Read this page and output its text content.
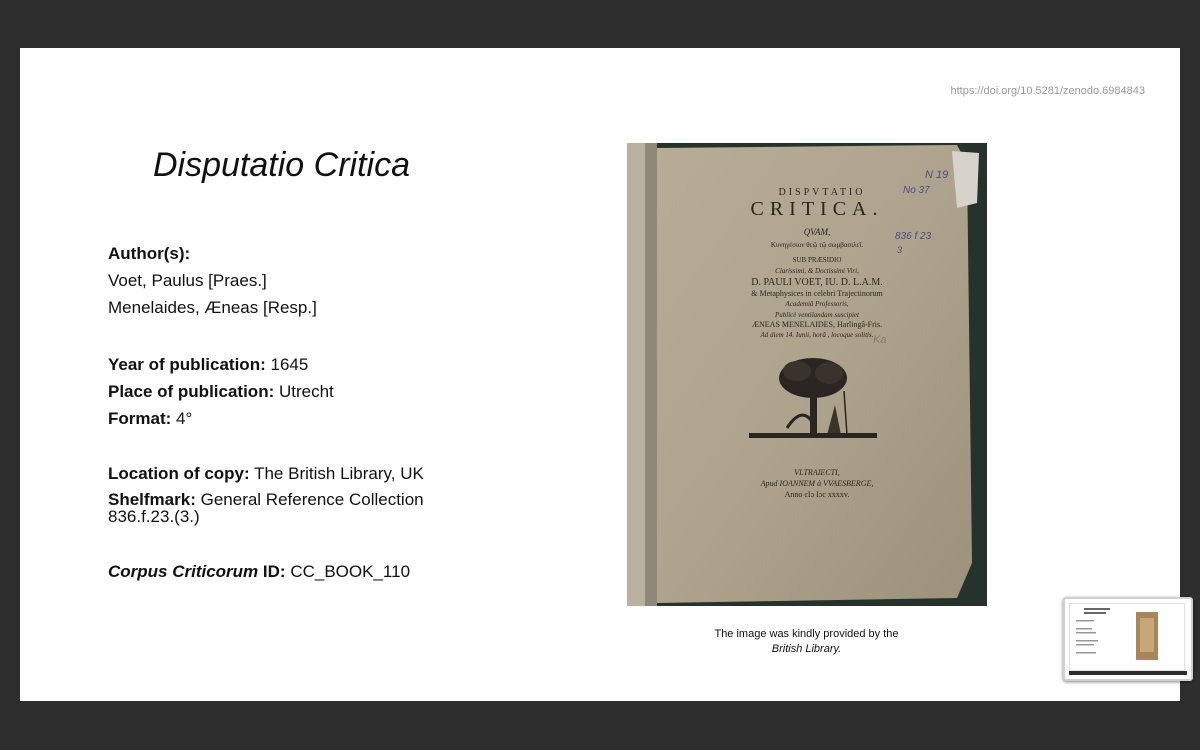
https://doi.org/10.5281/zenodo.6984843
Disputatio Critica
Author(s):
Voet, Paulus [Praes.]
Menelaides, Æneas [Resp.]
Year of publication: 1645
Place of publication: Utrecht
Format: 4°
Location of copy: The British Library, UK
Shelfmark: General Reference Collection
836.f.23.(3.)
Corpus Criticorum ID: CC_BOOK_110
DISPVTATIO
CRITICA.
QVAM,
Κυνηγέσιον θεῷ τῷ σωμβασιλεῖ.
SUB PRÆSIDIO
Clarissimi, & Doctissimi Viri,
D. PAULI VOET, IU. D. L.A.M.
& Metaphysices in celebri Trajectinorum
Academiâ Professoris,
Publicè ventilandam suscipiet
ÆNEAS MENELAIDES, Harlingâ-Fris.
Ad diem 14. Iunii, horâ , locoque solitis.
VLTRAIECTI,
Apud IOANNEM à VVAESBERGE,
Anno cIɔ Iɔc xxxxv.
N 19
No 37
836 f 23
3
Ka
The image was kindly provided by the
British Library.
